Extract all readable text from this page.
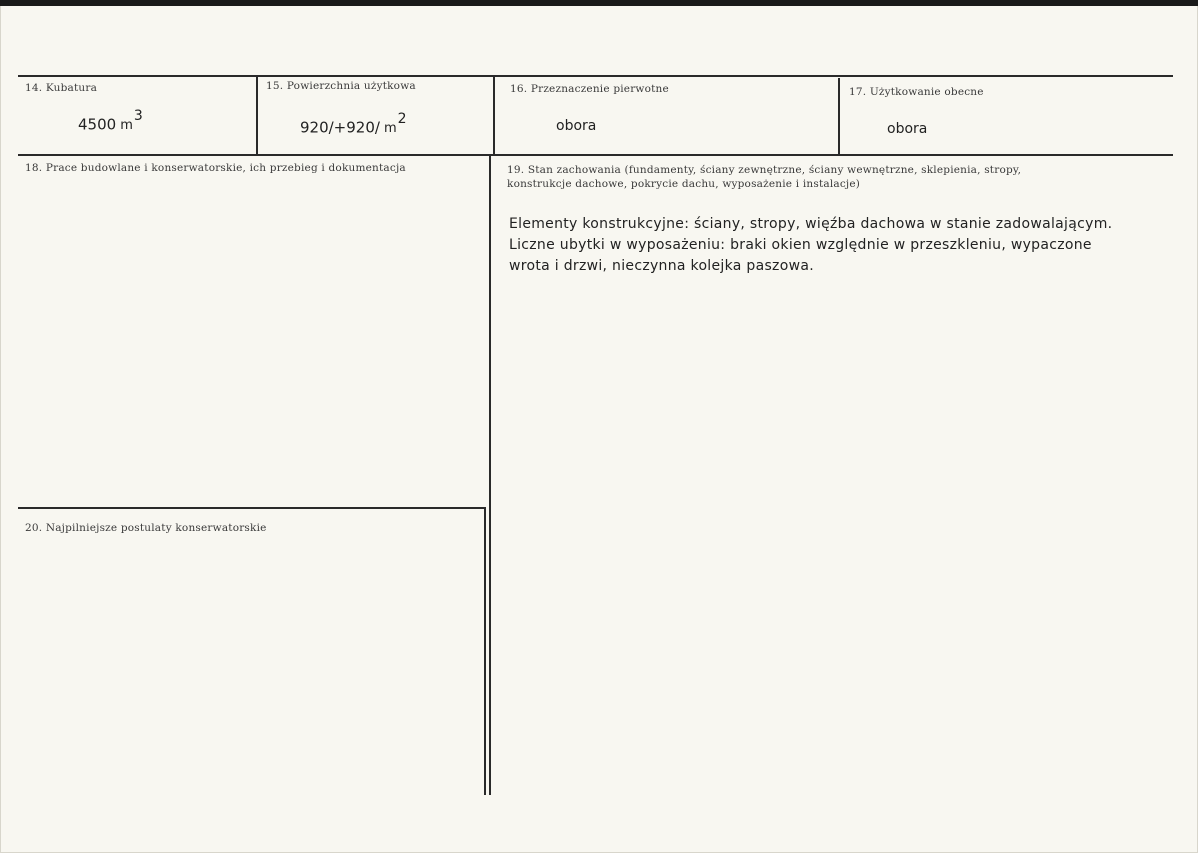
14. Kubatura
4500 $m^3$
15. Powierzchnia użytkowa
920/+920/ $m^2$
16. Przeznaczenie pierwotne
obora
17. Użytkowanie obecne
obora
18. Prace budowlane i konserwatorskie, ich przebieg i dokumentacja	19. Stan zachowania (fundamenty, ściany zewnętrzne, ściany wewnętrzne, sklepienia, stropy,
konstrukcje dachowe, pokrycie dachu, wyposażenie i instalacje)
Elementy konstrukcyjne: ściany, stropy, więźba dachowa w stanie zadowalającym.
Liczne ubytki w wyposażeniu: braki okien względnie w przeszkleniu, wypaczone
wrota i drzwi, nieczynna kolejka paszowa.
20. Najpilniejsze postulaty konserwatorskie
